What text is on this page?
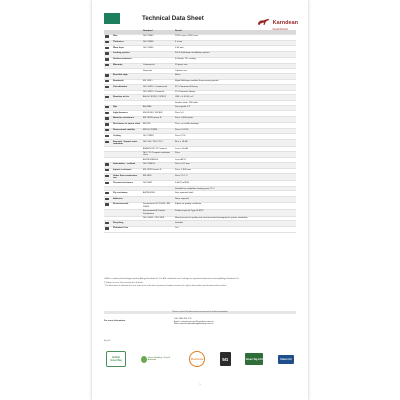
Technical Data Sheet
Karndean
		Standard	Result
	Size	ISO 24342	1220.0 mm x 185.0 mm
	Thickness	ISO 24346	5 x mm
	Wear layer	ISO 24340	0.55 mm
	Locking system		5G-S Fold down installation system
	Surface treatment		K-Guard+ PU coating
	Warranty	Commercial	15 years use
		Domestic	Lifetime use
	Bevelled edge		Micro
	Standards	EN 16511	Rigid Multilayer modular floorcovering panels
	Classification	ISO 10874 - Commercial	33 / Commercial Heavy
		ISO 10874 - Domestic	23 / Domestic Heavy
	Reaction to fire	AS ISO 9239.1 / 9239.2	CRF > 4.5 kW / m²
			Smoke value: 299 ml/m
	Slip	AS 4586	Pass grade: P2
	Light fastness	BS EN ISO 105 B02	Pass ≥ 6
	Abrasion resistance	EN 13329 annex E	Pass: 2,000 cycles
	Resistance to castor chair	EN 425	Pass, no visible damage
	Dimensional stability	EN ISO 23999	Pass ≤ 0.10%
	Curling	ISO 23999	Pass ≤ 2%
	Acoustic / Impact noise reduction	ISO 140 / ISO 717-2	ΔLw = 18 dB
		AS/NZS ISO 717 impact	Ln,w = 50 dB
		ISO 717-2 impact insulation class	Pass
		ASTM E989-06	Ln,w dB 51
	Indentation - residual	ISO 24343-1	Pass ≤ 0.1 mm
	Impact resistance	EN 13329 annex F	Pass: 1,900 mm
	Under floor continuous use	EN 4926	Pass 27.4 °C
	Thermal resistance	ISO 8302	0.0072 m²K/W
			Suitable for underfloor heating max 27°C
	Fly resistance	ASTM E903	See separate label
	Adhesive		None required
	Environmental	Declaration ISO 14025 / EN 15804	Indoor air quality certificate
		Environmental Product Declaration	Product specific Type III EPD
		ISO 14001 / ISO 9001	Manufactured to quality and environmental management system standards
	Recycling		Suitable
	Phthalate Free		Yes

1 AIM is a trademark/technology owned by Allergy Standards Ltd. The ASL-certification mark and logo are registered trademarks owned by Allergy Standards Ltd.

2 Subject to terms. See warranty for full details.

* The information is believed to be true and correct at the time of printing. Karndean reserves the right to alter product specifications without notice.

Please contact Karndean technical services for further information
For more information:
Call: 1800 331 170
Email: customerservice@karndean.com.au
Web: www.karndeandesignflooring.com.au
May 24
Global GreenTag
Green Building Council Australia	Floorscore	5G	Green Tag LCA	Indoor Air
1
